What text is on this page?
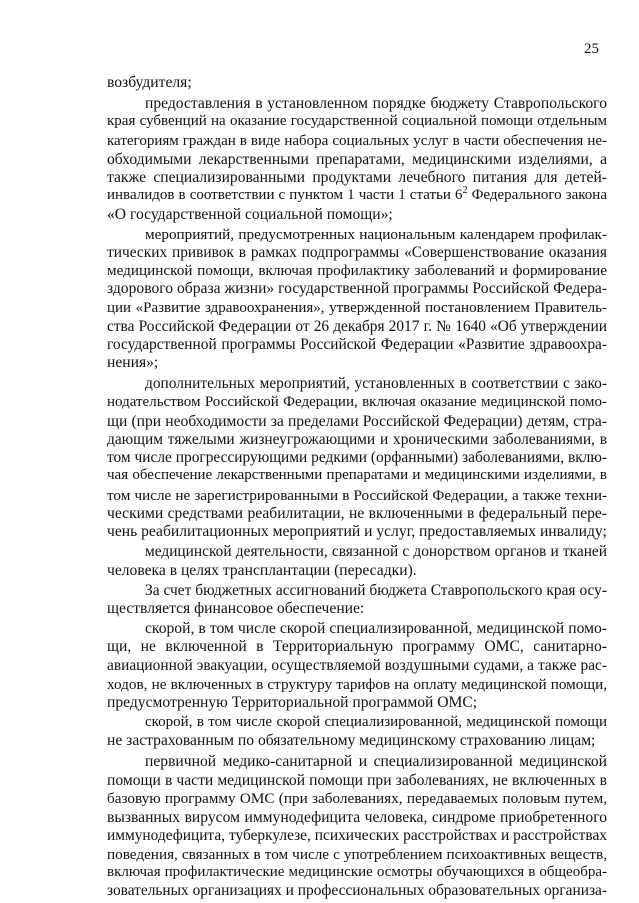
25
возбудителя;
предоставления в установленном порядке бюджету Ставропольского
края субвенций на оказание государственной социальной помощи отдельным
категориям граждан в виде набора социальных услуг в части обеспечения не-
обходимыми лекарственными препаратами, медицинскими изделиями, а
также специализированными продуктами лечебного питания для детей-
инвалидов в соответствии с пунктом 1 части 1 статьи $6^2$ Федерального закона
«О государственной социальной помощи»;
мероприятий, предусмотренных национальным календарем профилак-
тических прививок в рамках подпрограммы «Совершенствование оказания
медицинской помощи, включая профилактику заболеваний и формирование
здорового образа жизни» государственной программы Российской Федера-
ции «Развитие здравоохранения», утвержденной постановлением Правитель-
ства Российской Федерации от 26 декабря 2017 г. № 1640 «Об утверждении
государственной программы Российской Федерации «Развитие здравоохра-
нения»;
дополнительных мероприятий, установленных в соответствии с зако-
нодательством Российской Федерации, включая оказание медицинской помо-
щи (при необходимости за пределами Российской Федерации) детям, стра-
дающим тяжелыми жизнеугрожающими и хроническими заболеваниями, в
том числе прогрессирующими редкими (орфанными) заболеваниями, вклю-
чая обеспечение лекарственными препаратами и медицинскими изделиями, в
том числе не зарегистрированными в Российской Федерации, а также техни-
ческими средствами реабилитации, не включенными в федеральный пере-
чень реабилитационных мероприятий и услуг, предоставляемых инвалиду;
медицинской деятельности, связанной с донорством органов и тканей
человека в целях трансплантации (пересадки).
За счет бюджетных ассигнований бюджета Ставропольского края осу-
ществляется финансовое обеспечение:
скорой, в том числе скорой специализированной, медицинской помо-
щи, не включенной в Территориальную программу ОМС, санитарно-
авиационной эвакуации, осуществляемой воздушными судами, а также рас-
ходов, не включенных в структуру тарифов на оплату медицинской помощи,
предусмотренную Территориальной программой ОМС;
скорой, в том числе скорой специализированной, медицинской помощи
не застрахованным по обязательному медицинскому страхованию лицам;
первичной медико-санитарной и специализированной медицинской
помощи в части медицинской помощи при заболеваниях, не включенных в
базовую программу ОМС (при заболеваниях, передаваемых половым путем,
вызванных вирусом иммунодефицита человека, синдроме приобретенного
иммунодефицита, туберкулезе, психических расстройствах и расстройствах
поведения, связанных в том числе с употреблением психоактивных веществ,
включая профилактические медицинские осмотры обучающихся в общеобра-
зовательных организациях и профессиональных образовательных организа-
